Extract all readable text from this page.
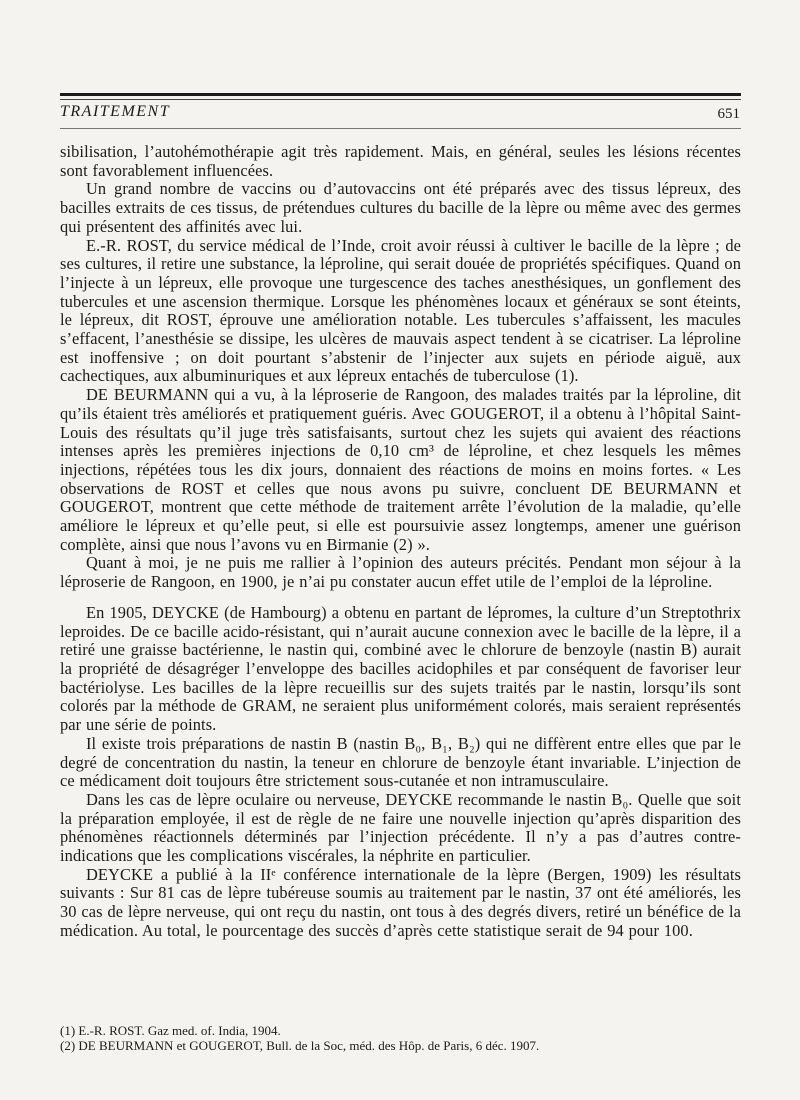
TRAITEMENT	651

sibilisation, l’autohémothérapie agit très rapidement. Mais, en général, seules les lésions récentes sont favorablement influencées.

Un grand nombre de vaccins ou d’autovaccins ont été préparés avec des tissus lépreux, des bacilles extraits de ces tissus, de prétendues cultures du bacille de la lèpre ou même avec des germes qui présentent des affinités avec lui.

E.-R. ROST, du service médical de l’Inde, croit avoir réussi à cultiver le bacille de la lèpre ; de ses cultures, il retire une substance, la léproline, qui serait douée de propriétés spécifiques. Quand on l’injecte à un lépreux, elle provoque une turgescence des taches anesthésiques, un gonflement des tubercules et une ascension thermique. Lorsque les phénomènes locaux et généraux se sont éteints, le lépreux, dit ROST, éprouve une amélioration notable. Les tubercules s’affaissent, les macules s’effacent, l’anesthésie se dissipe, les ulcères de mauvais aspect tendent à se cicatriser. La léproline est inoffensive ; on doit pourtant s’abstenir de l’injecter aux sujets en période aiguë, aux cachectiques, aux albuminuriques et aux lépreux entachés de tuberculose (1).

DE BEURMANN qui a vu, à la léproserie de Rangoon, des malades traités par la léproline, dit qu’ils étaient très améliorés et pratiquement guéris. Avec GOUGEROT, il a obtenu à l’hôpital Saint-Louis des résultats qu’il juge très satisfaisants, surtout chez les sujets qui avaient des réactions intenses après les premières injections de 0,10 cm³ de léproline, et chez lesquels les mêmes injections, répétées tous les dix jours, donnaient des réactions de moins en moins fortes. « Les observations de ROST et celles que nous avons pu suivre, concluent DE BEURMANN et GOUGEROT, montrent que cette méthode de traitement arrête l’évolution de la maladie, qu’elle améliore le lépreux et qu’elle peut, si elle est poursuivie assez longtemps, amener une guérison complète, ainsi que nous l’avons vu en Birmanie (2) ».

Quant à moi, je ne puis me rallier à l’opinion des auteurs précités. Pendant mon séjour à la léproserie de Rangoon, en 1900, je n’ai pu constater aucun effet utile de l’emploi de la léproline.

En 1905, DEYCKE (de Hambourg) a obtenu en partant de lépromes, la culture d’un Streptothrix leproides. De ce bacille acido-résistant, qui n’aurait aucune connexion avec le bacille de la lèpre, il a retiré une graisse bactérienne, le nastin qui, combiné avec le chlorure de benzoyle (nastin B) aurait la propriété de désagréger l’enveloppe des bacilles acidophiles et par conséquent de favoriser leur bactériolyse. Les bacilles de la lèpre recueillis sur des sujets traités par le nastin, lorsqu’ils sont colorés par la méthode de GRAM, ne seraient plus uniformément colorés, mais seraient représentés par une série de points.

Il existe trois préparations de nastin B (nastin B₀, B₁, B₂) qui ne diffèrent entre elles que par le degré de concentration du nastin, la teneur en chlorure de benzoyle étant invariable. L’injection de ce médicament doit toujours être strictement sous-cutanée et non intramusculaire.

Dans les cas de lèpre oculaire ou nerveuse, DEYCKE recommande le nastin B₀. Quelle que soit la préparation employée, il est de règle de ne faire une nouvelle injection qu’après disparition des phénomènes réactionnels déterminés par l’injection précédente. Il n’y a pas d’autres contre-indications que les complications viscérales, la néphrite en particulier.

DEYCKE a publié à la IIᵉ conférence internationale de la lèpre (Bergen, 1909) les résultats suivants : Sur 81 cas de lèpre tubéreuse soumis au traitement par le nastin, 37 ont été améliorés, les 30 cas de lèpre nerveuse, qui ont reçu du nastin, ont tous à des degrés divers, retiré un bénéfice de la médication. Au total, le pourcentage des succès d’après cette statistique serait de 94 pour 100.

(1) E.-R. ROST. Gaz med. of. India, 1904.

(2) DE BEURMANN et GOUGEROT, Bull. de la Soc, méd. des Hôp. de Paris, 6 déc. 1907.
